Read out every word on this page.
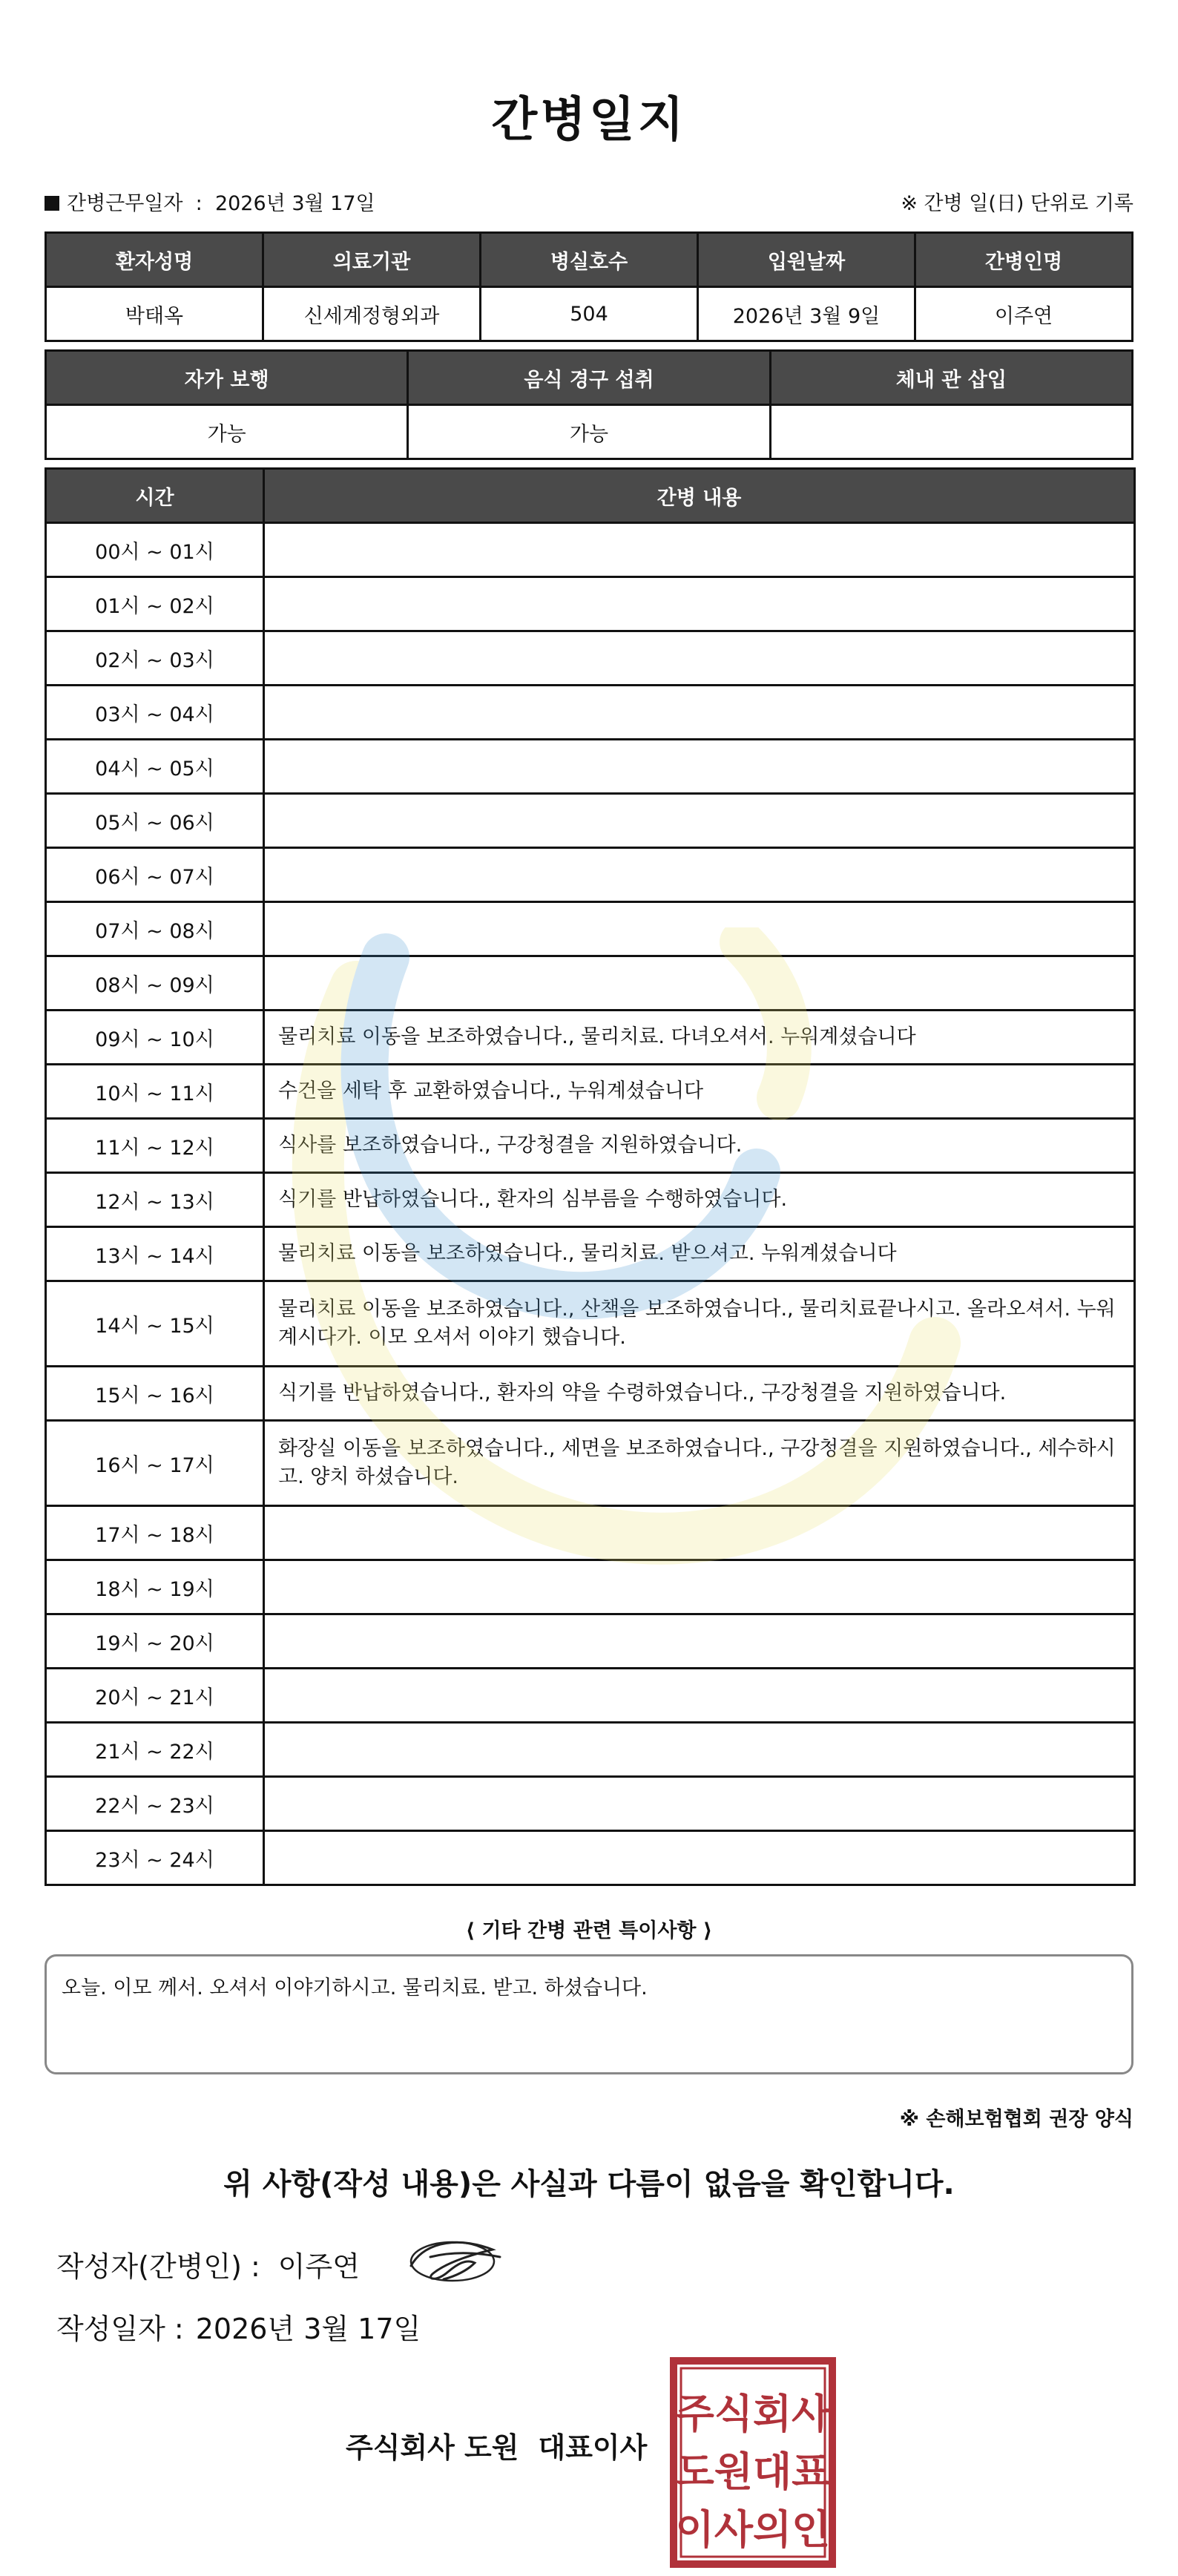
간병일지
간병근무일자  :  2026년 3월 17일	※ 간병 일(日) 단위로 기록
환자성명	의료기관	병실호수	입원날짜	간병인명
박태옥	신세계정형외과	504	2026년 3월 9일	이주연
자가 보행	음식 경구 섭취	체내 관 삽입
가능	가능	
시간	간병 내용
00시 ~ 01시	
01시 ~ 02시	
02시 ~ 03시	
03시 ~ 04시	
04시 ~ 05시	
05시 ~ 06시	
06시 ~ 07시	
07시 ~ 08시	
08시 ~ 09시	
09시 ~ 10시	물리치료 이동을 보조하였습니다., 물리치료. 다녀오셔서. 누워계셨습니다
10시 ~ 11시	수건을 세탁 후 교환하였습니다., 누워계셨습니다
11시 ~ 12시	식사를 보조하였습니다., 구강청결을 지원하였습니다.
12시 ~ 13시	식기를 반납하였습니다., 환자의 심부름을 수행하였습니다.
13시 ~ 14시	물리치료 이동을 보조하였습니다., 물리치료. 받으셔고. 누워계셨습니다
14시 ~ 15시	물리치료 이동을 보조하였습니다., 산책을 보조하였습니다., 물리치료끝나시고. 올라오셔서. 누워계시다가. 이모 오셔서 이야기 했습니다.
15시 ~ 16시	식기를 반납하였습니다., 환자의 약을 수령하였습니다., 구강청결을 지원하였습니다.
16시 ~ 17시	화장실 이동을 보조하였습니다., 세면을 보조하였습니다., 구강청결을 지원하였습니다., 세수하시고. 양치 하셨습니다.
17시 ~ 18시	
18시 ~ 19시	
19시 ~ 20시	
20시 ~ 21시	
21시 ~ 22시	
22시 ~ 23시	
23시 ~ 24시	
⟨ 기타 간병 관련 특이사항 ⟩
오늘. 이모 께서. 오셔서 이야기하시고. 물리치료. 받고. 하셨습니다.
※ 손해보험협회 권장 양식
위 사항(작성 내용)은 사실과 다름이 없음을 확인합니다.
작성자(간병인) : 이주연
작성일자 : 2026년 3월 17일
주식회사 도원 대표이사
주식회사
도원대표
이사의인
